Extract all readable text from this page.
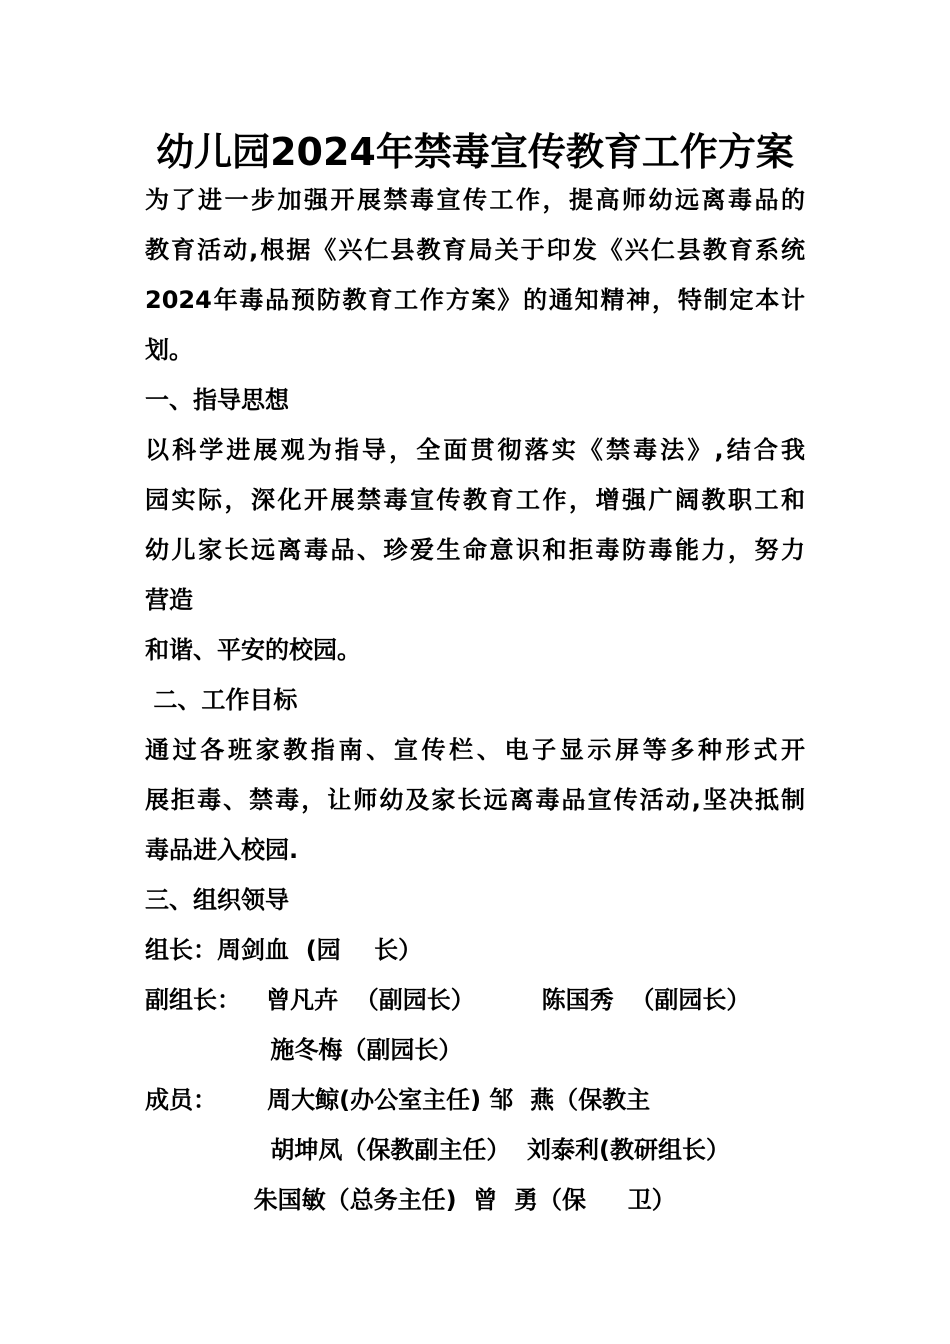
幼儿园2024年禁毒宣传教育工作方案
为了进一步加强开展禁毒宣传工作，提高师幼远离毒品的
教育活动,根据《兴仁县教育局关于印发《兴仁县教育系统
2024年毒品预防教育工作方案》的通知精神，特制定本计
划。
一、指导思想
以科学进展观为指导，全面贯彻落实《禁毒法》,结合我
园实际，深化开展禁毒宣传教育工作，增强广阔教职工和
幼儿家长远离毒品、珍爱生命意识和拒毒防毒能力，努力
营造
和谐、平安的校园。
二、工作目标
通过各班家教指南、宣传栏、电子显示屏等多种形式开
展拒毒、禁毒，让师幼及家长远离毒品宣传活动,坚决抵制
毒品进入校园.
三、组织领导
组长：周剑血  (园    长）
副组长：   曾凡卉  （副园长）        陈国秀  （副园长）
施冬梅（副园长）
成员：      周大鲸(办公室主任) 邹  燕（保教主
胡坤凤（保教副主任）  刘泰利(教研组长）
朱国敏（总务主任)  曾  勇（保     卫）
